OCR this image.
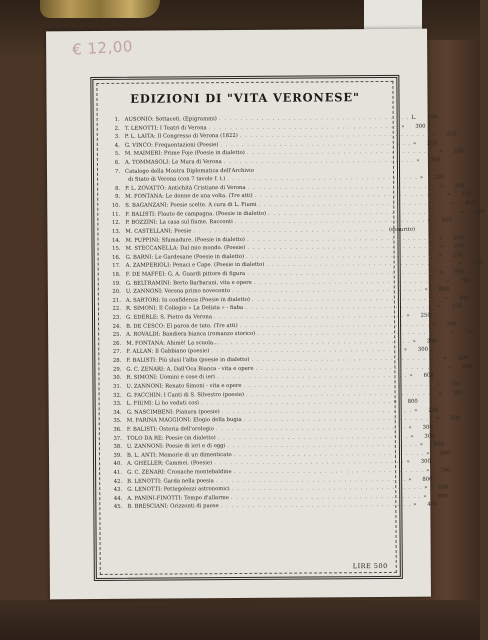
€ 12,00
EDIZIONI DI "VITA VERONESE"
1. AUSONIO: Sottaceti. (Epigrammi) . . . . . . . . . . . . . . . . . . . . . . . . . . . . . . . . . . . . L.	100
2. T. LENOTTI: I Teatri di Verona . . . . . . . . . . . . . . . . . . . . . . . . . . . . . . . . . . . . »	300
3. P. L. LAITA: Il Congresso di Verona (1822) . . . . . . . . . . . . . . . . . . . . . . . . . . . . . . . . . . . . »	250
4. G. VINCO: Frequentazioni (Poesie) . . . . . . . . . . . . . . . . . . . . . . . . . . . . . . . . . . . . »	250
5. M. MAIMERI: Prime Foje (Poesie in dialetto) . . . . . . . . . . . . . . . . . . . . . . . . . . . . . . . . . . . . »	250
6. A. TOMMASOLI: Le Mura di Verona . . . . . . . . . . . . . . . . . . . . . . . . . . . . . . . . . . . . »	300
7. Catalogo della Mostra Diplomatica dell'Archivio
di Stato di Verona (con 7 tavole f. t.) . . . . . . . . . . . . . . . . . . . . . . . . . . . . . . . . . . . . »	250
8. P. L. ZOVATTO: Antichità Cristiane di Verona . . . . . . . . . . . . . . . . . . . . . . . . . . . . . . . . . . . . »	300
9. M. FONTANA: Le donne de una volta. (Tre atti) . . . . . . . . . . . . . . . . . . . . . . . . . . . . . . . . . . . . »	200
10. S. BAGANZANI: Poesie scelte. A cura di L. Fiumi . . . . . . . . . . . . . . . . . . . . . . . . . . . . . . . . . . . . »	450
11. F. BALISTI: Flauto de campagna. (Poesie in dialetto) . . . . . . . . . . . . . . . . . . . . . . . . . . . . . . . . . . . . »	300
12. P. BOZZINI: La casa sul fiume. Racconti . . . . . . . . . . . . . . . . . . . . . . . . . . . . . . . . . . . . »	300
13. M. CASTELLANI: Poesie . . . . . . . . . . . . . . . . . . . . . . . . . . . . . . . . . . . . (esaurito)
14. M. PUPPINI: Sfumadure. (Poesie in dialetto) . . . . . . . . . . . . . . . . . . . . . . . . . . . . . . . . . . . . »	250
15. M. STECCANELLA: Dal mio mondo. (Poesie) . . . . . . . . . . . . . . . . . . . . . . . . . . . . . . . . . . . . »	250
16. G. BARNI: Le Gardesane (Poesie in dialetto) . . . . . . . . . . . . . . . . . . . . . . . . . . . . . . . . . . . . »	250
17. A. ZAMPERIOLI: Penaci e Cape. (Poesie in dialetto) . . . . . . . . . . . . . . . . . . . . . . . . . . . . . . . . . . . . »	250
18. F. DE MAFFEI: G. A. Guardi pittore di figura . . . . . . . . . . . . . . . . . . . . . . . . . . . . . . . . . . . . »	700
19. G. BELTRAMINI: Berto Barbarani, vita e opere . . . . . . . . . . . . . . . . . . . . . . . . . . . . . . . . . . . . »	700
20. U. ZANNONI: Verona primo novecento . . . . . . . . . . . . . . . . . . . . . . . . . . . . . . . . . . . . »	800
21. A. SARTORI: In confidensa (Poesie in dialetto) . . . . . . . . . . . . . . . . . . . . . . . . . . . . . . . . . . . . »	300
22. R. SIMONI: Il Collegio « La Delizia » - fiaba . . . . . . . . . . . . . . . . . . . . . . . . . . . . . . . . . . . . »	250
23. G. EDERLE: S. Pietro da Verona . . . . . . . . . . . . . . . . . . . . . . . . . . . . . . . . . . . . »	250
24. B. DE CESCO: El paron de tuto. (Tre atti) . . . . . . . . . . . . . . . . . . . . . . . . . . . . . . . . . . . . »	300
25. A. ROVALDI: Bandiera bianca (romanzo storico) . . . . . . . . . . . . . . . . . . . . . . . . . . . . . . . . . . . . »	750
26. M. FONTANA: Ahimè! La scuola... . . . . . . . . . . . . . . . . . . . . . . . . . . . . . . . . . . . . »	300
27. F. ALLAN: Il Gabbiano (poesie) . . . . . . . . . . . . . . . . . . . . . . . . . . . . . . . . . . . . »	300
28. F. BALISTI: Più slusi l'alba (poesie in dialetto) . . . . . . . . . . . . . . . . . . . . . . . . . . . . . . . . . . . . »	300
29. G. C. ZENARI: A. Dall'Oca Bianca - vita e opere . . . . . . . . . . . . . . . . . . . . . . . . . . . . . . . . . . . . »	600
30. R. SIMONI: Uomini e cose di ieri . . . . . . . . . . . . . . . . . . . . . . . . . . . . . . . . . . . . »	600
31. U. ZANNONI: Renato Simoni - vita e opere . . . . . . . . . . . . . . . . . . . . . . . . . . . . . . . . . . . . »	750
32. G. FACCHIN: I Canti di S. Silvestro (poesie) . . . . . . . . . . . . . . . . . . . . . . . . . . . . . . . . . . . . »	300
33. L. FIUMI: Li ho veduti così . . . . . . . . . . . . . . . . . . . . . . . . . . . . . . . . . . . . »	800
34. G. NASCIMBENI: Pianura (poesie) . . . . . . . . . . . . . . . . . . . . . . . . . . . . . . . . . . . . »	250
35. M. FARINA MAGGIONI: Elogio della bugia . . . . . . . . . . . . . . . . . . . . . . . . . . . . . . . . . . . . »	300
36. F. BALISTI: Osteria dell'orologio . . . . . . . . . . . . . . . . . . . . . . . . . . . . . . . . . . . . »	300
37. TOLO DA RE: Poesie (in dialetto) . . . . . . . . . . . . . . . . . . . . . . . . . . . . . . . . . . . . »	300
38. U. ZANNONI: Poesie di ieri e di oggi . . . . . . . . . . . . . . . . . . . . . . . . . . . . . . . . . . . . »	600
39. B. L. ANTI: Memorie di un dimenticato . . . . . . . . . . . . . . . . . . . . . . . . . . . . . . . . . . . . »	600
40. A. GHELLER: Cammei. (Poesie) . . . . . . . . . . . . . . . . . . . . . . . . . . . . . . . . . . . . »	300
41. G. C. ZENARI: Cronache montebaldine . . . . . . . . . . . . . . . . . . . . . . . . . . . . . . . . . . . . »	700
42. B. LENOTTI: Garda nella poesia . . . . . . . . . . . . . . . . . . . . . . . . . . . . . . . . . . . . »	800
43. G. LENOTTI: Pettegolezzi astronomici . . . . . . . . . . . . . . . . . . . . . . . . . . . . . . . . . . . . »	500
44. A. PANINI-FINOTTI: Tempo d'allarme . . . . . . . . . . . . . . . . . . . . . . . . . . . . . . . . . . . . »	900
45. B. BRESCIANI: Orizzonti di paese . . . . . . . . . . . . . . . . . . . . . . . . . . . . . . . . . . . . »	400
LIRE 500
